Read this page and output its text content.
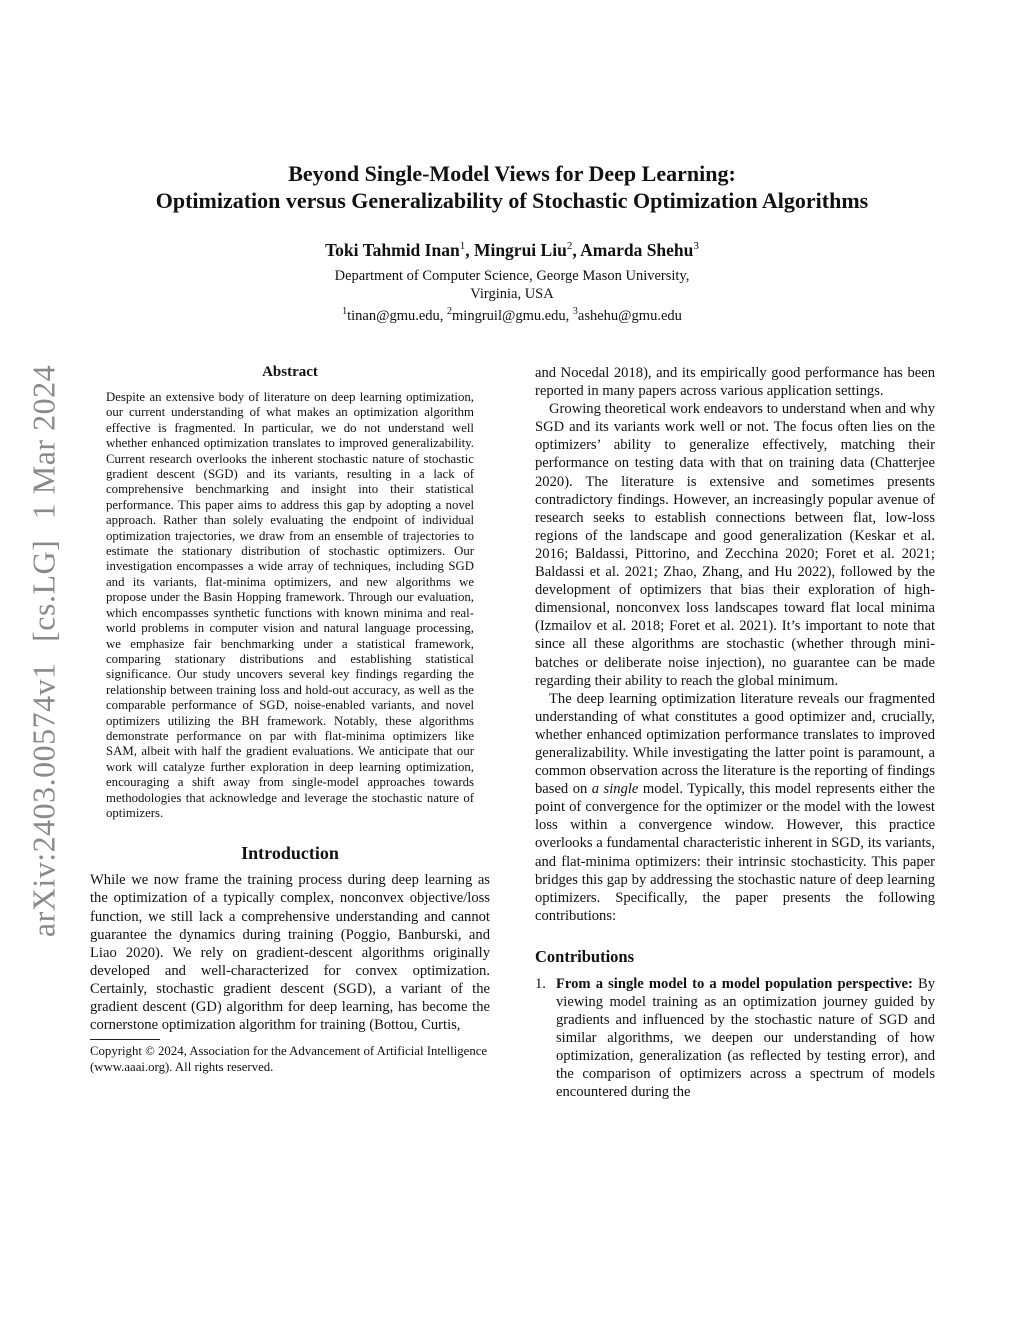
arXiv:2403.00574v1 [cs.LG] 1 Mar 2024
Beyond Single-Model Views for Deep Learning:
Optimization versus Generalizability of Stochastic Optimization Algorithms
Toki Tahmid Inan$^1$, Mingrui Liu$^2$, Amarda Shehu$^3$
Department of Computer Science, George Mason University,
Virginia, USA
$^1$tinan@gmu.edu, $^2$mingruil@gmu.edu, $^3$ashehu@gmu.edu
Abstract

Despite an extensive body of literature on deep learning optimization, our current understanding of what makes an optimization algorithm effective is fragmented. In particular, we do not understand well whether enhanced optimization translates to improved generalizability. Current research overlooks the inherent stochastic nature of stochastic gradient descent (SGD) and its variants, resulting in a lack of comprehensive benchmarking and insight into their statistical performance. This paper aims to address this gap by adopting a novel approach. Rather than solely evaluating the endpoint of individual optimization trajectories, we draw from an ensemble of trajectories to estimate the stationary distribution of stochastic optimizers. Our investigation encompasses a wide array of techniques, including SGD and its variants, flat-minima optimizers, and new algorithms we propose under the Basin Hopping framework. Through our evaluation, which encompasses synthetic functions with known minima and real-world problems in computer vision and natural language processing, we emphasize fair benchmarking under a statistical framework, comparing stationary distributions and establishing statistical significance. Our study uncovers several key findings regarding the relationship between training loss and hold-out accuracy, as well as the comparable performance of SGD, noise-enabled variants, and novel optimizers utilizing the BH framework. Notably, these algorithms demonstrate performance on par with flat-minima optimizers like SAM, albeit with half the gradient evaluations. We anticipate that our work will catalyze further exploration in deep learning optimization, encouraging a shift away from single-model approaches towards methodologies that acknowledge and leverage the stochastic nature of optimizers.

Introduction

While we now frame the training process during deep learning as the optimization of a typically complex, nonconvex objective/loss function, we still lack a comprehensive understanding and cannot guarantee the dynamics during training (Poggio, Banburski, and Liao 2020). We rely on gradient-descent algorithms originally developed and well-characterized for convex optimization. Certainly, stochastic gradient descent (SGD), a variant of the gradient descent (GD) algorithm for deep learning, has become the cornerstone optimization algorithm for training (Bottou, Curtis,

Copyright © 2024, Association for the Advancement of Artificial Intelligence (www.aaai.org). All rights reserved.

and Nocedal 2018), and its empirically good performance has been reported in many papers across various application settings.

Growing theoretical work endeavors to understand when and why SGD and its variants work well or not. The focus often lies on the optimizers’ ability to generalize effectively, matching their performance on testing data with that on training data (Chatterjee 2020). The literature is extensive and sometimes presents contradictory findings. However, an increasingly popular avenue of research seeks to establish connections between flat, low-loss regions of the landscape and good generalization (Keskar et al. 2016; Baldassi, Pittorino, and Zecchina 2020; Foret et al. 2021; Baldassi et al. 2021; Zhao, Zhang, and Hu 2022), followed by the development of optimizers that bias their exploration of high-dimensional, nonconvex loss landscapes toward flat local minima (Izmailov et al. 2018; Foret et al. 2021). It’s important to note that since all these algorithms are stochastic (whether through mini-batches or deliberate noise injection), no guarantee can be made regarding their ability to reach the global minimum.

The deep learning optimization literature reveals our fragmented understanding of what constitutes a good optimizer and, crucially, whether enhanced optimization performance translates to improved generalizability. While investigating the latter point is paramount, a common observation across the literature is the reporting of findings based on a single model. Typically, this model represents either the point of convergence for the optimizer or the model with the lowest loss within a convergence window. However, this practice overlooks a fundamental characteristic inherent in SGD, its variants, and flat-minima optimizers: their intrinsic stochasticity. This paper bridges this gap by addressing the stochastic nature of deep learning optimizers. Specifically, the paper presents the following contributions:

Contributions
1. From a single model to a model population perspective: By viewing model training as an optimization journey guided by gradients and influenced by the stochastic nature of SGD and similar algorithms, we deepen our understanding of how optimization, generalization (as reflected by testing error), and the comparison of optimizers across a spectrum of models encountered during the
